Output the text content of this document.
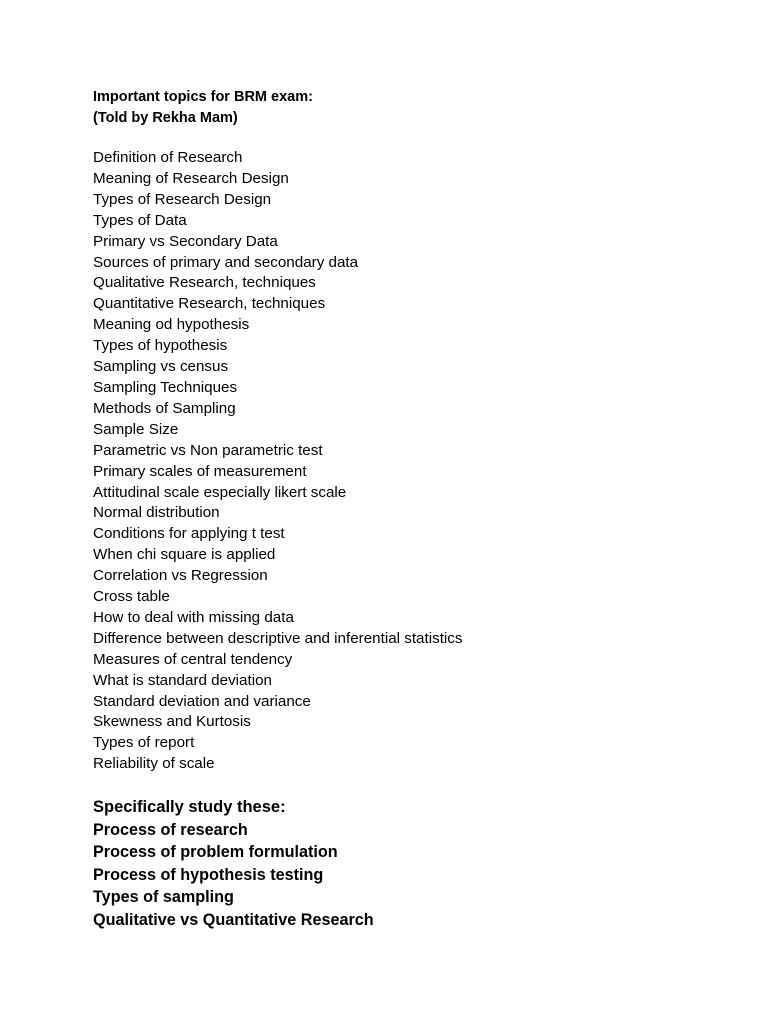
Important topics for BRM exam:

(Told by Rekha Mam)

Definition of Research
Meaning of Research Design
Types of Research Design
Types of Data
Primary vs Secondary Data
Sources of primary and secondary data
Qualitative Research, techniques
Quantitative Research, techniques
Meaning od hypothesis
Types of hypothesis
Sampling vs census
Sampling Techniques
Methods of Sampling
Sample Size
Parametric vs Non parametric test
Primary scales of measurement
Attitudinal scale especially likert scale
Normal distribution
Conditions for applying t test
When chi square is applied
Correlation vs Regression
Cross table
How to deal with missing data
Difference between descriptive and inferential statistics
Measures of central tendency
What is standard deviation
Standard deviation and variance
Skewness and Kurtosis
Types of report
Reliability of scale

Specifically study these:

Process of research
Process of problem formulation
Process of hypothesis testing
Types of sampling
Qualitative vs Quantitative Research
